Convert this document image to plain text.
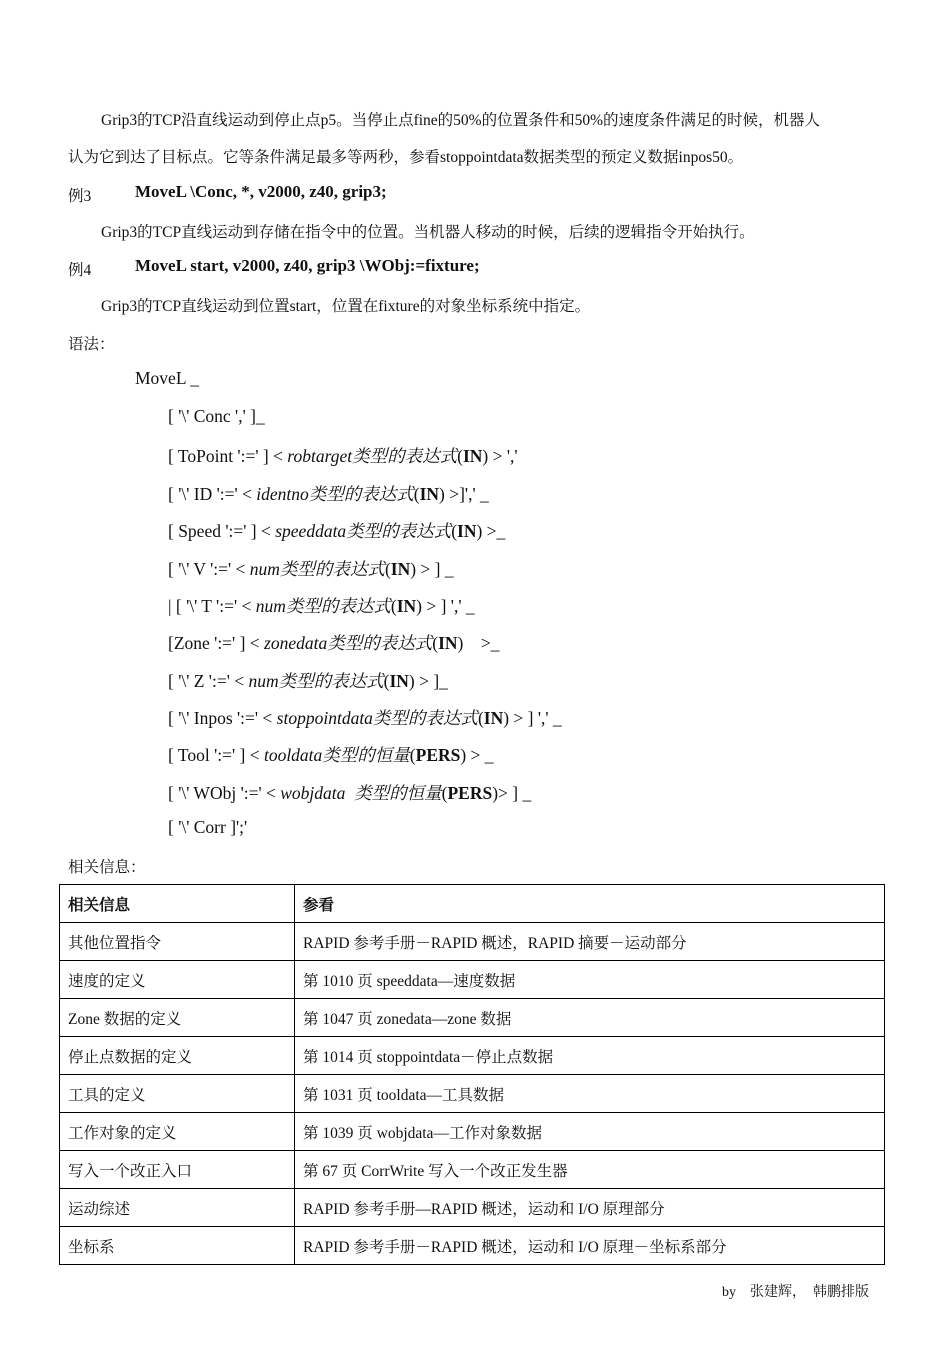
Grip3的TCP沿直线运动到停止点p5。当停止点fine的50%的位置条件和50%的速度条件满足的时候，机器人
认为它到达了目标点。它等条件满足最多等两秒，参看stoppointdata数据类型的预定义数据inpos50。
例3	MoveL \Conc, *, v2000, z40, grip3;
Grip3的TCP直线运动到存储在指令中的位置。当机器人移动的时候，后续的逻辑指令开始执行。
例4	MoveL start, v2000, z40, grip3 \WObj:=fixture;
Grip3的TCP直线运动到位置start，位置在fixture的对象坐标系统中指定。
语法：
MoveL _
[ '\' Conc ',' ]_
[ ToPoint ':=' ] < robtarget类型的表达式(IN) > ','
[ '\' ID ':=' < identno类型的表达式(IN) >]',' _
[ Speed ':=' ] < speeddata类型的表达式(IN) >_
[ '\' V ':=' < num类型的表达式(IN) > ] _
| [ '\' T ':=' < num类型的表达式(IN) > ] ',' _
[Zone ':=' ] < zonedata类型的表达式(IN)    >_
[ '\' Z ':=' < num类型的表达式(IN) > ]_
[ '\' Inpos ':=' < stoppointdata类型的表达式(IN) > ] ',' _
[ Tool ':=' ] < tooldata类型的恒量(PERS) > _
[ '\' WObj ':=' < wobjdata  类型的恒量(PERS)> ] _
[ '\' Corr ]';'
相关信息：
相关信息	参看
其他位置指令	RAPID 参考手册－RAPID 概述，RAPID 摘要－运动部分
速度的定义	第 1010 页 speeddata—速度数据
Zone 数据的定义	第 1047 页 zonedata—zone 数据
停止点数据的定义	第 1014 页 stoppointdata－停止点数据
工具的定义	第 1031 页 tooldata—工具数据
工作对象的定义	第 1039 页 wobjdata—工作对象数据
写入一个改正入口	第 67 页 CorrWrite 写入一个改正发生器
运动综述	RAPID 参考手册—RAPID 概述，运动和 I/O 原理部分
坐标系	RAPID 参考手册－RAPID 概述，运动和 I/O 原理－坐标系部分
by    张建辉，  韩鹏排版
